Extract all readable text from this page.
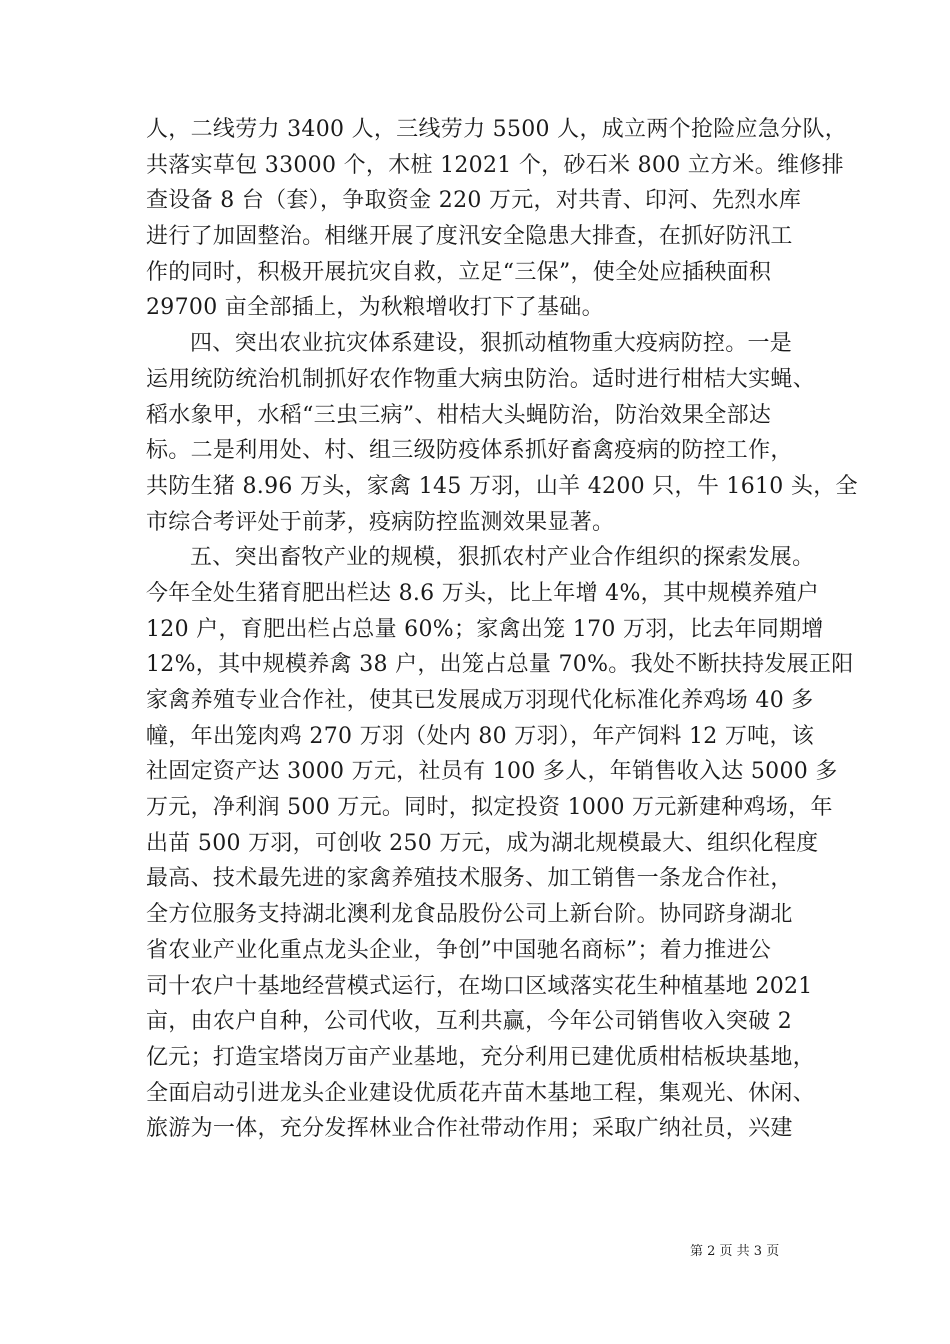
人，二线劳力 3400 人，三线劳力 5500 人，成立两个抢险应急分队，
共落实草包 33000 个，木桩 12021 个，砂石米 800 立方米。维修排
查设备 8 台（套），争取资金 220 万元，对共青、印河、先烈水库
进行了加固整治。相继开展了度汛安全隐患大排查，在抓好防汛工
作的同时，积极开展抗灾自救，立足“三保”，使全处应插秧面积
29700 亩全部插上，为秋粮增收打下了基础。
四、突出农业抗灾体系建设，狠抓动植物重大疫病防控。一是
运用统防统治机制抓好农作物重大病虫防治。适时进行柑桔大实蝇、
稻水象甲，水稻“三虫三病”、柑桔大头蝇防治，防治效果全部达
标。二是利用处、村、组三级防疫体系抓好畜禽疫病的防控工作，
共防生猪 8.96 万头，家禽 145 万羽，山羊 4200 只，牛 1610 头，全
市综合考评处于前茅，疫病防控监测效果显著。
五、突出畜牧产业的规模，狠抓农村产业合作组织的探索发展。
今年全处生猪育肥出栏达 8.6 万头，比上年增 4%，其中规模养殖户
120 户，育肥出栏占总量 60%；家禽出笼 170 万羽，比去年同期增
12%，其中规模养禽 38 户，出笼占总量 70%。我处不断扶持发展正阳
家禽养殖专业合作社，使其已发展成万羽现代化标准化养鸡场 40 多
幢，年出笼肉鸡 270 万羽（处内 80 万羽），年产饲料 12 万吨，该
社固定资产达 3000 万元，社员有 100 多人，年销售收入达 5000 多
万元，净利润 500 万元。同时，拟定投资 1000 万元新建种鸡场，年
出苗 500 万羽，可创收 250 万元，成为湖北规模最大、组织化程度
最高、技术最先进的家禽养殖技术服务、加工销售一条龙合作社，
全方位服务支持湖北澳利龙食品股份公司上新台阶。协同跻身湖北
省农业产业化重点龙头企业，争创”中国驰名商标”；着力推进公
司十农户十基地经营模式运行，在坳口区域落实花生种植基地 2021
亩，由农户自种，公司代收，互利共赢，今年公司销售收入突破 2
亿元；打造宝塔岗万亩产业基地，充分利用已建优质柑桔板块基地，
全面启动引进龙头企业建设优质花卉苗木基地工程，集观光、休闲、
旅游为一体，充分发挥林业合作社带动作用；采取广纳社员，兴建
第 2 页 共 3 页
